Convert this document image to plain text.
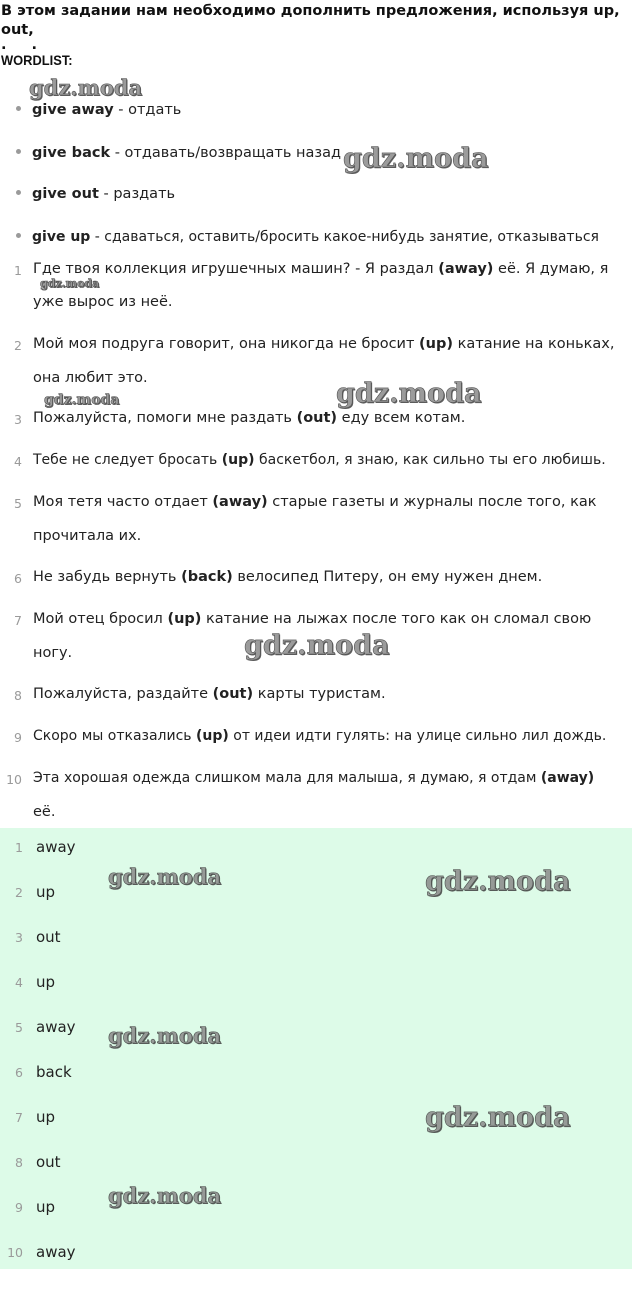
В этом задании нам необходимо дополнить предложения, используя up, out,
. .
WORDLIST:
give away - отдать
give back - отдавать/возвращать назад
give out - раздать
give up - сдаваться, оставить/бросить какое-нибудь занятие, отказываться
1 Где твоя коллекция игрушечных машин? - Я раздал (away) её. Я думаю, я
уже вырос из неё.
2 Мой моя подруга говорит, она никогда не бросит (up) катание на коньках,
она любит это.
3 Пожалуйста, помоги мне раздать (out) еду всем котам.
4 Тебе не следует бросать (up) баскетбол, я знаю, как сильно ты его любишь.
5 Моя тетя часто отдает (away) старые газеты и журналы после того, как
прочитала их.
6 Не забудь вернуть (back) велосипед Питеру, он ему нужен днем.
7 Мой отец бросил (up) катание на лыжах после того как он сломал свою
ногу.
8 Пожалуйста, раздайте (out) карты туристам.
9 Скоро мы отказались (up) от идеи идти гулять: на улице сильно лил дождь.
10 Эта хорошая одежда слишком мала для малыша, я думаю, я отдам (away)
её.
1 away
2 up
3 out
4 up
5 away
6 back
7 up
8 out
9 up
10 away
gdz.moda
gdz.moda
gdz.moda
gdz.moda	gdz.moda
gdz.moda
gdz.moda	gdz.moda
gdz.moda
gdz.moda
gdz.moda
